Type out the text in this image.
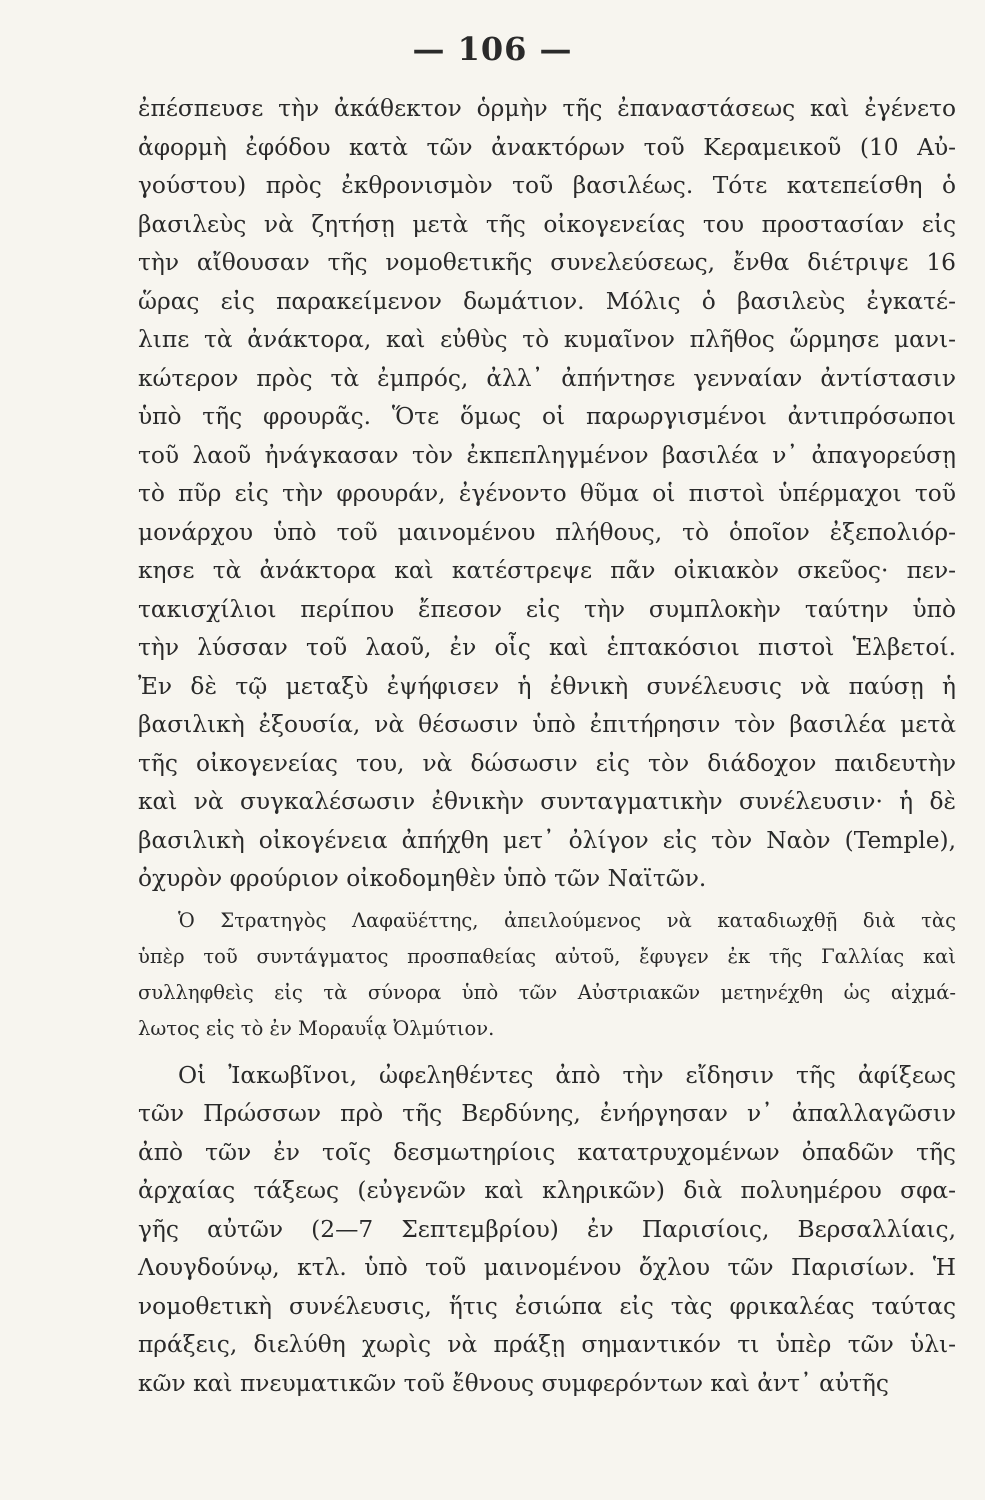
— 106 —
ἐπέσπευσε τὴν ἀκάθεκτον ὁρμὴν τῆς ἐπαναστάσεως καὶ ἐγένετο
ἀφορμὴ ἐφόδου κατὰ τῶν ἀνακτόρων τοῦ Κεραμεικοῦ (10 Αὐ-
γούστου) πρὸς ἐκθρονισμὸν τοῦ βασιλέως. Τότε κατεπείσθη ὁ
βασιλεὺς νὰ ζητήσῃ μετὰ τῆς οἰκογενείας του προστασίαν εἰς
τὴν αἴθουσαν τῆς νομοθετικῆς συνελεύσεως, ἔνθα διέτριψε 16
ὥρας εἰς παρακείμενον δωμάτιον. Μόλις ὁ βασιλεὺς ἐγκατέ-
λιπε τὰ ἀνάκτορα, καὶ εὐθὺς τὸ κυμαῖνον πλῆθος ὥρμησε μανι-
κώτερον πρὸς τὰ ἐμπρός, ἀλλ᾽ ἀπήντησε γενναίαν ἀντίστασιν
ὑπὸ τῆς φρουρᾶς. Ὅτε ὅμως οἱ παρωργισμένοι ἀντιπρόσωποι
τοῦ λαοῦ ἠνάγκασαν τὸν ἐκπεπληγμένον βασιλέα ν᾽ ἀπαγορεύσῃ
τὸ πῦρ εἰς τὴν φρουράν, ἐγένοντο θῦμα οἱ πιστοὶ ὑπέρμαχοι τοῦ
μονάρχου ὑπὸ τοῦ μαινομένου πλήθους, τὸ ὁποῖον ἐξεπολιόρ-
κησε τὰ ἀνάκτορα καὶ κατέστρεψε πᾶν οἰκιακὸν σκεῦος· πεν-
τακισχίλιοι περίπου ἔπεσον εἰς τὴν συμπλοκὴν ταύτην ὑπὸ
τὴν λύσσαν τοῦ λαοῦ, ἐν οἷς καὶ ἑπτακόσιοι πιστοὶ Ἑλβετοί.
Ἐν δὲ τῷ μεταξὺ ἐψήφισεν ἡ ἐθνικὴ συνέλευσις νὰ παύσῃ ἡ
βασιλικὴ ἐξουσία, νὰ θέσωσιν ὑπὸ ἐπιτήρησιν τὸν βασιλέα μετὰ
τῆς οἰκογενείας του, νὰ δώσωσιν εἰς τὸν διάδοχον παιδευτὴν
καὶ νὰ συγκαλέσωσιν ἐθνικὴν συνταγματικὴν συνέλευσιν· ἡ δὲ
βασιλικὴ οἰκογένεια ἀπήχθη μετ᾽ ὀλίγον εἰς τὸν Ναὸν (Temple),
ὀχυρὸν φρούριον οἰκοδομηθὲν ὑπὸ τῶν Ναϊτῶν.
Ὁ Στρατηγὸς Λαφαϋέττης, ἀπειλούμενος νὰ καταδιωχθῇ διὰ τὰς
ὑπὲρ τοῦ συντάγματος προσπαθείας αὐτοῦ, ἔφυγεν ἐκ τῆς Γαλλίας καὶ
συλληφθεὶς εἰς τὰ σύνορα ὑπὸ τῶν Αὐστριακῶν μετηνέχθη ὡς αἰχμά-
λωτος εἰς τὸ ἐν Μοραυΐᾳ Ὀλμύτιον.
Οἱ Ἰακωβῖνοι, ὠφεληθέντες ἀπὸ τὴν εἴδησιν τῆς ἀφίξεως
τῶν Πρώσσων πρὸ τῆς Βερδύνης, ἐνήργησαν ν᾽ ἀπαλλαγῶσιν
ἀπὸ τῶν ἐν τοῖς δεσμωτηρίοις κατατρυχομένων ὀπαδῶν τῆς
ἀρχαίας τάξεως (εὐγενῶν καὶ κληρικῶν) διὰ πολυημέρου σφα-
γῆς αὐτῶν (2—7 Σεπτεμβρίου) ἐν Παρισίοις, Βερσαλλίαις,
Λουγδούνῳ, κτλ. ὑπὸ τοῦ μαινομένου ὄχλου τῶν Παρισίων. Ἡ
νομοθετικὴ συνέλευσις, ἥτις ἐσιώπα εἰς τὰς φρικαλέας ταύτας
πράξεις, διελύθη χωρὶς νὰ πράξῃ σημαντικόν τι ὑπὲρ τῶν ὑλι-
κῶν καὶ πνευματικῶν τοῦ ἔθνους συμφερόντων καὶ ἀντ᾽ αὐτῆς
